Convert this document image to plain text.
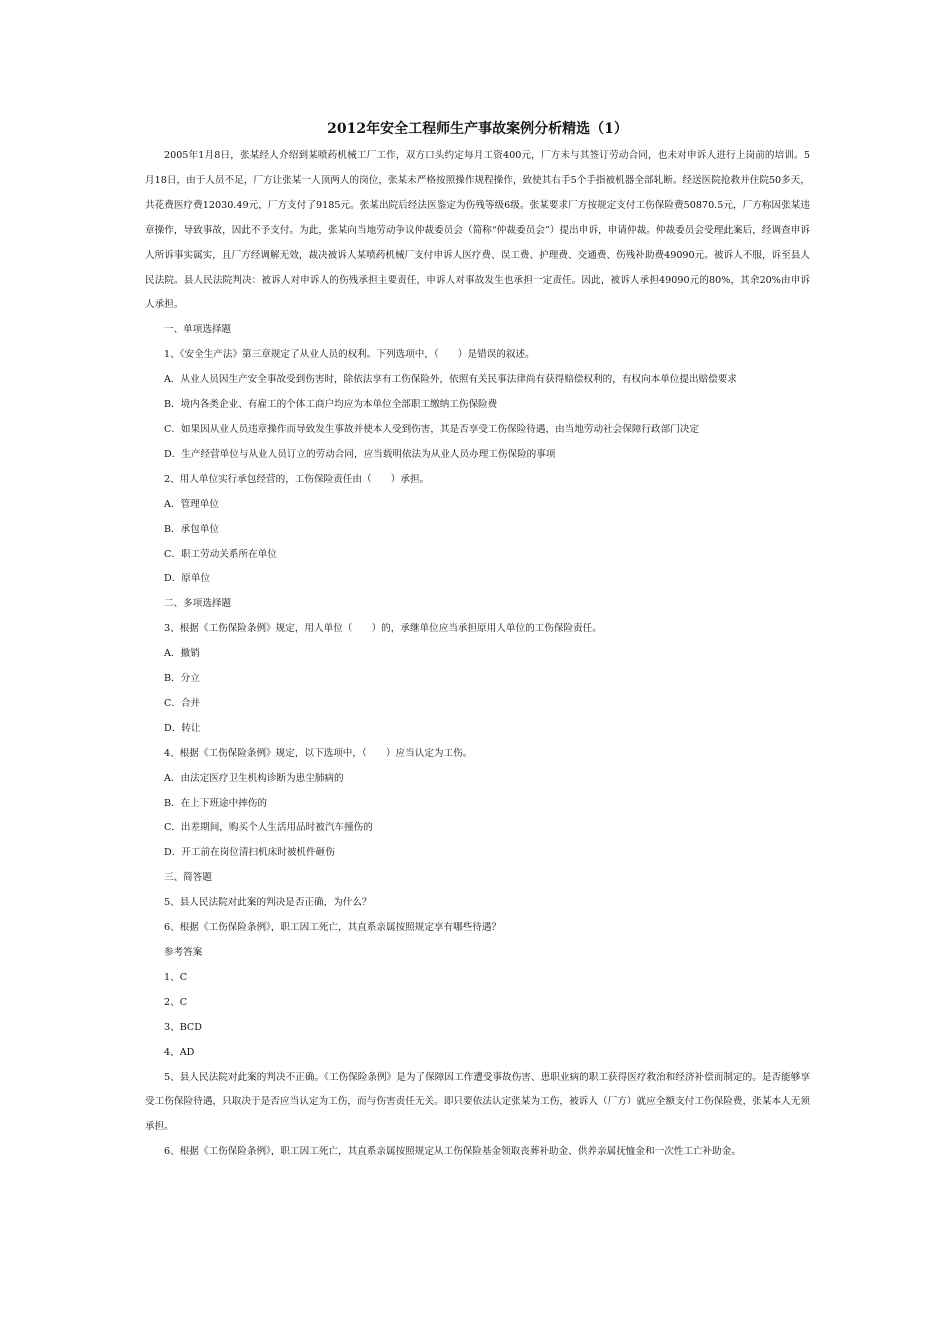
2012年安全工程师生产事故案例分析精选（1）

2005年1月8日，张某经人介绍到某喷药机械工厂工作，双方口头约定每月工资400元，厂方未与其签订劳动合同，也未对申诉人进行上岗前的培训。5月18日，由于人员不足，厂方让张某一人顶两人的岗位，张某未严格按照操作规程操作，致使其右手5个手指被机器全部轧断。经送医院抢救并住院50多天，共花费医疗费12030.49元，厂方支付了9185元。张某出院后经法医鉴定为伤残等级6级。张某要求厂方按规定支付工伤保险费50870.5元，厂方称因张某违章操作，导致事故，因此不予支付。为此，张某向当地劳动争议仲裁委员会（简称“仲裁委员会”）提出申诉，申请仲裁。仲裁委员会受理此案后，经调查申诉人所诉事实属实，且厂方经调解无效，裁决被诉人某喷药机械厂支付申诉人医疗费、误工费、护理费、交通费、伤残补助费49090元。被诉人不服，诉至县人民法院。县人民法院判决：被诉人对申诉人的伤残承担主要责任，申诉人对事故发生也承担一定责任。因此，被诉人承担49090元的80%，其余20%由申诉人承担。

一、单项选择题

1、《安全生产法》第三章规定了从业人员的权利。下列选项中，（　　）是错误的叙述。

A．从业人员因生产安全事故受到伤害时，除依法享有工伤保险外，依照有关民事法律尚有获得赔偿权利的，有权向本单位提出赔偿要求

B．境内各类企业、有雇工的个体工商户均应为本单位全部职工缴纳工伤保险费

C．如果因从业人员违章操作而导致发生事故并使本人受到伤害，其是否享受工伤保险待遇，由当地劳动社会保障行政部门决定

D．生产经营单位与从业人员订立的劳动合同，应当载明依法为从业人员办理工伤保险的事项

2、用人单位实行承包经营的，工伤保险责任由（　　）承担。

A．管理单位

B．承包单位

C．职工劳动关系所在单位

D．原单位

二、多项选择题

3、根据《工伤保险条例》规定，用人单位（　　）的，承继单位应当承担原用人单位的工伤保险责任。

A．撤销

B．分立

C．合并

D．转让

4、根据《工伤保险条例》规定，以下选项中，（　　）应当认定为工伤。

A．由法定医疗卫生机构诊断为患尘肺病的

B．在上下班途中摔伤的

C．出差期间，购买个人生活用品时被汽车撞伤的

D．开工前在岗位清扫机床时被机件砸伤

三、简答题

5、县人民法院对此案的判决是否正确，为什么？

6、根据《工伤保险条例》，职工因工死亡，其直系亲属按照规定享有哪些待遇？

参考答案

1、C

2、C

3、BCD

4、AD

5、县人民法院对此案的判决不正确。《工伤保险条例》是为了保障因工作遭受事故伤害、患职业病的职工获得医疗救治和经济补偿而制定的。是否能够享受工伤保险待遇，只取决于是否应当认定为工伤，而与伤害责任无关。即只要依法认定张某为工伤，被诉人（厂方）就应全额支付工伤保险费，张某本人无须承担。

6、根据《工伤保险条例》，职工因工死亡，其直系亲属按照规定从工伤保险基金领取丧葬补助金、供养亲属抚恤金和一次性工亡补助金。
